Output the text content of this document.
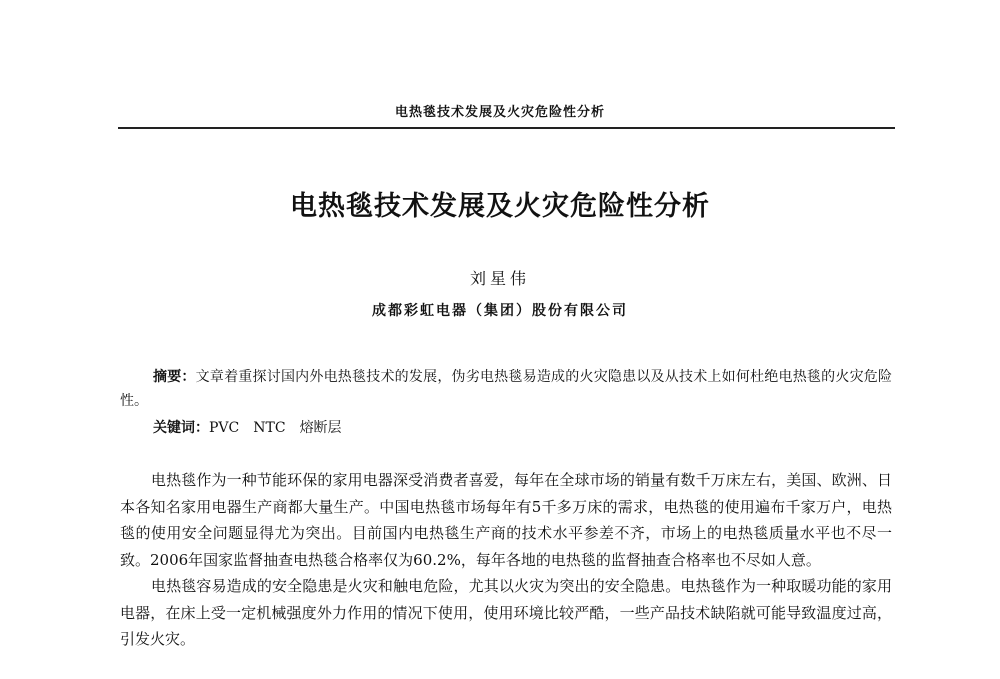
电热毯技术发展及火灾危险性分析
电热毯技术发展及火灾危险性分析
刘星伟
成都彩虹电器（集团）股份有限公司

摘要：文章着重探讨国内外电热毯技术的发展，伪劣电热毯易造成的火灾隐患以及从技术上如何杜绝电热毯的火灾危险性。

关键词：PVC NTC 熔断层

电热毯作为一种节能环保的家用电器深受消费者喜爱，每年在全球市场的销量有数千万床左右，美国、欧洲、日本各知名家用电器生产商都大量生产。中国电热毯市场每年有5千多万床的需求，电热毯的使用遍布千家万户，电热毯的使用安全问题显得尤为突出。目前国内电热毯生产商的技术水平参差不齐，市场上的电热毯质量水平也不尽一致。2006年国家监督抽查电热毯合格率仅为60.2%，每年各地的电热毯的监督抽查合格率也不尽如人意。

电热毯容易造成的安全隐患是火灾和触电危险，尤其以火灾为突出的安全隐患。电热毯作为一种取暖功能的家用电器，在床上受一定机械强度外力作用的情况下使用，使用环境比较严酷，一些产品技术缺陷就可能导致温度过高，引发火灾。
